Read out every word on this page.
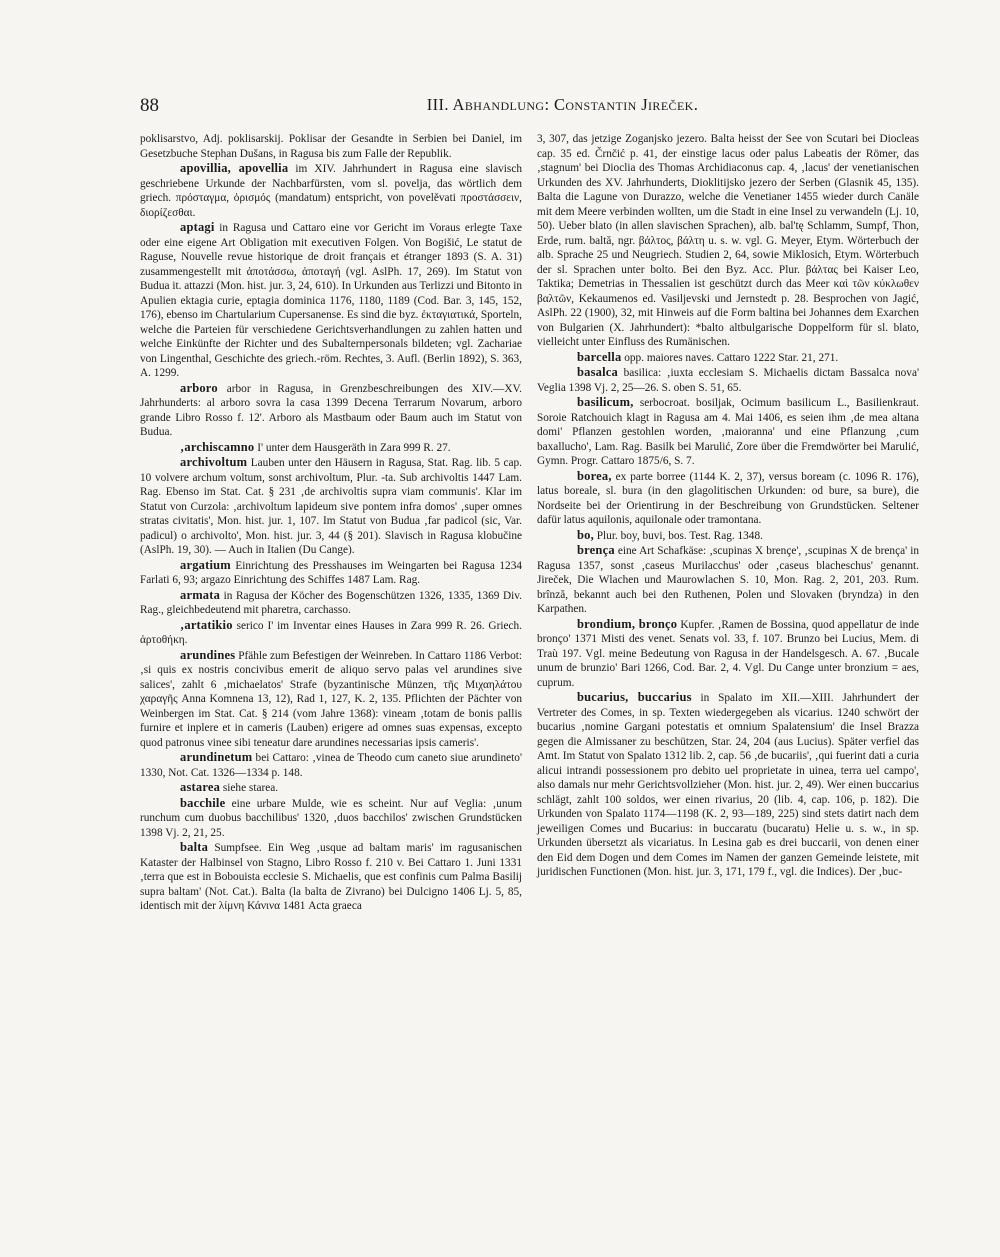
88	III. Abhandlung: Constantin Jireček.

poklisarstvo, Adj. poklisarskij. Poklisar der Gesandte in Serbien bei Daniel, im Gesetzbuche Stephan Dušans, in Ragusa bis zum Falle der Republik.

apovillia, apovellia im XIV. Jahrhundert in Ragusa eine slavisch geschriebene Urkunde der Nachbarfürsten, vom sl. povelja, das wörtlich dem griech. πρόσταγμα, ὁρισμός (mandatum) entspricht, von povelěvati προστάσσειν, διορίζεσθαι.

aptagi in Ragusa und Cattaro eine vor Gericht im Voraus erlegte Taxe oder eine eigene Art Obligation mit executiven Folgen. Von Bogišić, Le statut de Raguse, Nouvelle revue historique de droit français et étranger 1893 (S. A. 31) zusammengestellt mit ἀποτάσσω, ἀποταγή (vgl. AslPh. 17, 269). Im Statut von Budua it. attazzi (Mon. hist. jur. 3, 24, 610). In Urkunden aus Terlizzi und Bitonto in Apulien ektagia curie, eptagia dominica 1176, 1180, 1189 (Cod. Bar. 3, 145, 152, 176), ebenso im Chartularium Cupersanense. Es sind die byz. ἐκταγιατικά, Sporteln, welche die Parteien für verschiedene Gerichtsverhandlungen zu zahlen hatten und welche Einkünfte der Richter und des Subalternpersonals bildeten; vgl. Zachariae von Lingenthal, Geschichte des griech.-röm. Rechtes, 3. Aufl. (Berlin 1892), S. 363, A. 1299.

arboro arbor in Ragusa, in Grenzbeschreibungen des XIV.—XV. Jahrhunderts: al arboro sovra la casa 1399 Decena Terrarum Novarum, arboro grande Libro Rosso f. 12'. Arboro als Mastbaum oder Baum auch im Statut von Budua.

‚archiscamno I' unter dem Hausgeräth in Zara 999 R. 27.

archivoltum Lauben unter den Häusern in Ragusa, Stat. Rag. lib. 5 cap. 10 volvere archum voltum, sonst archivoltum, Plur. -ta. Sub archivoltis 1447 Lam. Rag. Ebenso im Stat. Cat. § 231 ‚de archivoltis supra viam communis'. Klar im Statut von Curzola: ‚archivoltum lapideum sive pontem infra domos' ‚super omnes stratas civitatis', Mon. hist. jur. 1, 107. Im Statut von Budua ‚far padicol (sic, Var. padicul) o archivolto', Mon. hist. jur. 3, 44 (§ 201). Slavisch in Ragusa klobučine (AslPh. 19, 30). — Auch in Italien (Du Cange).

argatium Einrichtung des Presshauses im Weingarten bei Ragusa 1234 Farlati 6, 93; argazo Einrichtung des Schiffes 1487 Lam. Rag.

armata in Ragusa der Köcher des Bogenschützen 1326, 1335, 1369 Div. Rag., gleichbedeutend mit pharetra, carchasso.

‚artatikio serico I' im Inventar eines Hauses in Zara 999 R. 26. Griech. ἀρτοθήκη.

arundines Pfähle zum Befestigen der Weinreben. In Cattaro 1186 Verbot: ‚si quis ex nostris concivibus emerit de aliquo servo palas vel arundines sive salices', zahlt 6 ‚michaelatos' Strafe (byzantinische Münzen, τῆς Μιχαηλάτου χαραγῆς Anna Komnena 13, 12), Rad 1, 127, K. 2, 135. Pflichten der Pächter von Weinbergen im Stat. Cat. § 214 (vom Jahre 1368): vineam ‚totam de bonis pallis furnire et inplere et in cameris (Lauben) erigere ad omnes suas expensas, excepto quod patronus vinee sibi teneatur dare arundines necessarias ipsis cameris'.

arundinetum bei Cattaro: ‚vinea de Theodo cum caneto siue arundineto' 1330, Not. Cat. 1326—1334 p. 148.

astarea siehe starea.

bacchile eine urbare Mulde, wie es scheint. Nur auf Veglia: ‚unum runchum cum duobus bacchilibus' 1320, ‚duos bacchilos' zwischen Grundstücken 1398 Vj. 2, 21, 25.

balta Sumpfsee. Ein Weg ‚usque ad baltam maris' im ragusanischen Kataster der Halbinsel von Stagno, Libro Rosso f. 210 v. Bei Cattaro 1. Juni 1331 ‚terra que est in Bobouista ecclesie S. Michaelis, que est confinis cum Palma Basilij supra baltam' (Not. Cat.). Balta (la balta de Zivrano) bei Dulcigno 1406 Lj. 5, 85, identisch mit der λίμνη Κάνινα 1481 Acta graeca

3, 307, das jetzige Zoganjsko jezero. Balta heisst der See von Scutari bei Diocleas cap. 35 ed. Črnčić p. 41, der einstige lacus oder palus Labeatis der Römer, das ‚stagnum' bei Dioclia des Thomas Archidiaconus cap. 4, ‚lacus' der venetianischen Urkunden des XV. Jahrhunderts, Dioklitijsko jezero der Serben (Glasnik 45, 135). Balta die Lagune von Durazzo, welche die Venetianer 1455 wieder durch Canäle mit dem Meere verbinden wollten, um die Stadt in eine Insel zu verwandeln (Lj. 10, 50). Ueber blato (in allen slavischen Sprachen), alb. bal'tę Schlamm, Sumpf, Thon, Erde, rum. baltă, ngr. βάλτος, βάλτη u. s. w. vgl. G. Meyer, Etym. Wörterbuch der alb. Sprache 25 und Neugriech. Studien 2, 64, sowie Miklosich, Etym. Wörterbuch der sl. Sprachen unter bolto. Bei den Byz. Acc. Plur. βάλτας bei Kaiser Leo, Taktika; Demetrias in Thessalien ist geschützt durch das Meer καὶ τῶν κύκλωθεν βαλτῶν, Kekaumenos ed. Vasiljevski und Jernstedt p. 28. Besprochen von Jagić, AslPh. 22 (1900), 32, mit Hinweis auf die Form baltina bei Johannes dem Exarchen von Bulgarien (X. Jahrhundert): *balto altbulgarische Doppelform für sl. blato, vielleicht unter Einfluss des Rumänischen.

barcella opp. maiores naves. Cattaro 1222 Star. 21, 271.

basalca basilica: ‚iuxta ecclesiam S. Michaelis dictam Bassalca nova' Veglia 1398 Vj. 2, 25—26. S. oben S. 51, 65.

basilicum, serbocroat. bosiljak, Ocimum basilicum L., Basilienkraut. Soroie Ratchouich klagt in Ragusa am 4. Mai 1406, es seien ihm ‚de mea altana domi' Pflanzen gestohlen worden, ‚maioranna' und eine Pflanzung ‚cum baxallucho', Lam. Rag. Basilk bei Marulić, Zore über die Fremdwörter bei Marulić, Gymn. Progr. Cattaro 1875/6, S. 7.

borea, ex parte borree (1144 K. 2, 37), versus boream (c. 1096 R. 176), latus boreale, sl. bura (in den glagolitischen Urkunden: od bure, sa bure), die Nordseite bei der Orientirung in der Beschreibung von Grundstücken. Seltener dafür latus aquilonis, aquilonale oder tramontana.

bo, Plur. boy, buvi, bos. Test. Rag. 1348.

brença eine Art Schafkäse: ‚scupinas X brençe', ‚scupinas X de brença' in Ragusa 1357, sonst ‚caseus Murilacchus' oder ‚caseus blacheschus' genannt. Jireček, Die Wlachen und Maurowlachen S. 10, Mon. Rag. 2, 201, 203. Rum. brînză, bekannt auch bei den Ruthenen, Polen und Slovaken (bryndza) in den Karpathen.

brondium, bronço Kupfer. ‚Ramen de Bossina, quod appellatur de inde bronço' 1371 Misti des venet. Senats vol. 33, f. 107. Brunzo bei Lucius, Mem. di Traù 197. Vgl. meine Bedeutung von Ragusa in der Handelsgesch. A. 67. ‚Bucale unum de brunzio' Bari 1266, Cod. Bar. 2, 4. Vgl. Du Cange unter bronzium = aes, cuprum.

bucarius, buccarius in Spalato im XII.—XIII. Jahrhundert der Vertreter des Comes, in sp. Texten wiedergegeben als vicarius. 1240 schwört der bucarius ‚nomine Gargani potestatis et omnium Spalatensium' die Insel Brazza gegen die Almissaner zu beschützen, Star. 24, 204 (aus Lucius). Später verfiel das Amt. Im Statut von Spalato 1312 lib. 2, cap. 56 ‚de bucariis', ‚qui fuerint dati a curia alicui intrandi possessionem pro debito uel proprietate in uinea, terra uel campo', also damals nur mehr Gerichtsvollzieher (Mon. hist. jur. 2, 49). Wer einen buccarius schlägt, zahlt 100 soldos, wer einen rivarius, 20 (lib. 4, cap. 106, p. 182). Die Urkunden von Spalato 1174—1198 (K. 2, 93—189, 225) sind stets datirt nach dem jeweiligen Comes und Bucarius: in buccaratu (bucaratu) Helie u. s. w., in sp. Urkunden übersetzt als vicariatus. In Lesina gab es drei buccarii, von denen einer den Eid dem Dogen und dem Comes im Namen der ganzen Gemeinde leistete, mit juridischen Functionen (Mon. hist. jur. 3, 171, 179 f., vgl. die Indices). Der ‚buc-
